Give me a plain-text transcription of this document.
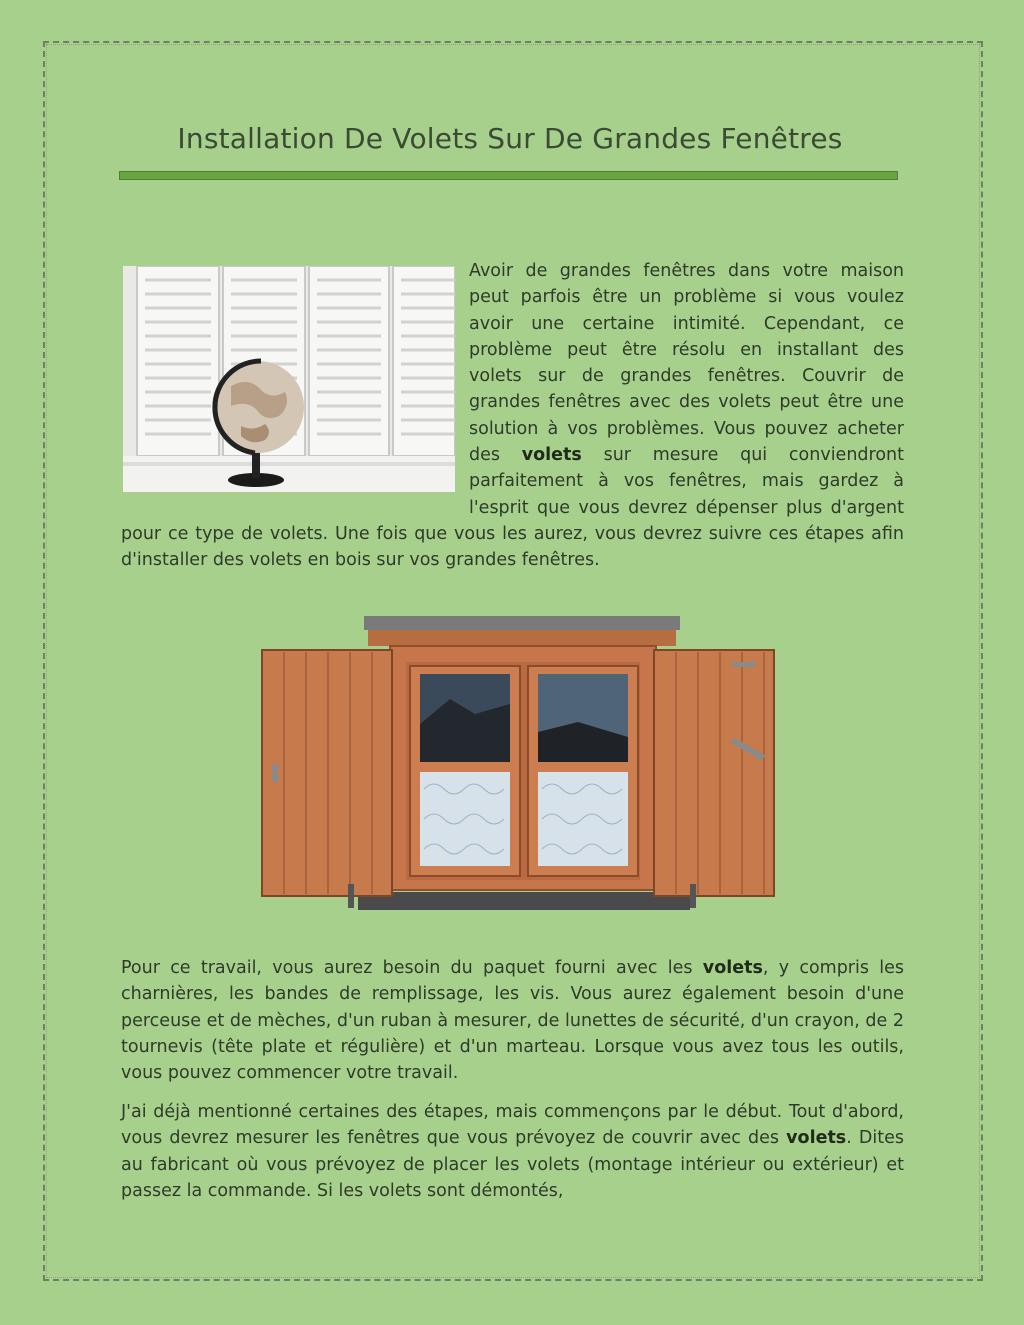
Installation De Volets Sur De Grandes Fenêtres

Avoir de grandes fenêtres dans votre maison peut parfois être un problème si vous voulez avoir une certaine intimité. Cependant, ce problème peut être résolu en installant des volets sur de grandes fenêtres. Couvrir de grandes fenêtres avec des volets peut être une solution à vos problèmes. Vous pouvez acheter des volets sur mesure qui conviendront parfaitement à vos fenêtres, mais gardez à l'esprit que vous devrez dépenser plus d'argent pour ce type de volets. Une fois que vous les aurez, vous devrez suivre ces étapes afin d'installer des volets en bois sur vos grandes fenêtres.

Pour ce travail, vous aurez besoin du paquet fourni avec les volets, y compris les charnières, les bandes de remplissage, les vis. Vous aurez également besoin d'une perceuse et de mèches, d'un ruban à mesurer, de lunettes de sécurité, d'un crayon, de 2 tournevis (tête plate et régulière) et d'un marteau. Lorsque vous avez tous les outils, vous pouvez commencer votre travail.

J'ai déjà mentionné certaines des étapes, mais commençons par le début. Tout d'abord, vous devrez mesurer les fenêtres que vous prévoyez de couvrir avec des volets. Dites au fabricant où vous prévoyez de placer les volets (montage intérieur ou extérieur) et passez la commande. Si les volets sont démontés,
